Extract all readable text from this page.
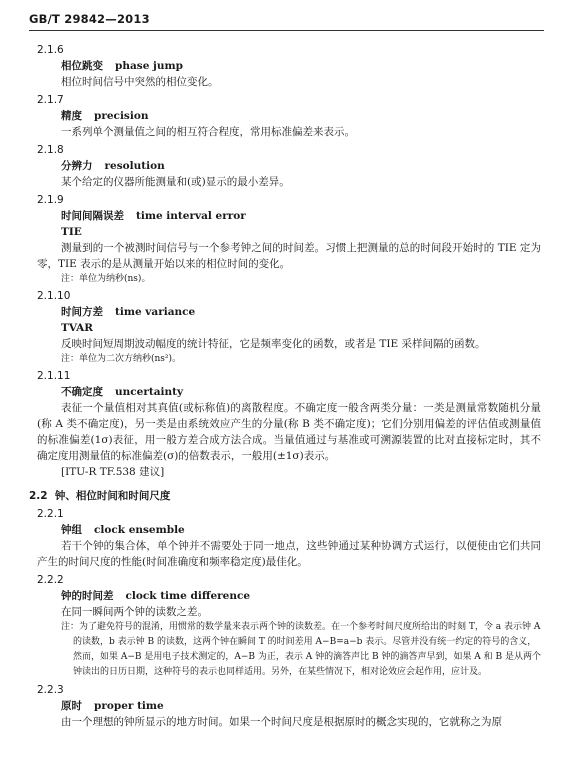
GB/T 29842—2013
2.1.6
相位跳变 phase jump
相位时间信号中突然的相位变化。
2.1.7
精度 precision
一系列单个测量值之间的相互符合程度，常用标准偏差来表示。
2.1.8
分辨力 resolution
某个给定的仪器所能测量和(或)显示的最小差异。
2.1.9
时间间隔误差 time interval error
TIE
测量到的一个被测时间信号与一个参考钟之间的时间差。习惯上把测量的总的时间段开始时的 TIE 定为零，TIE 表示的是从测量开始以来的相位时间的变化。
注：单位为纳秒(ns)。
2.1.10
时间方差 time variance
TVAR
反映时间短周期波动幅度的统计特征，它是频率变化的函数，或者是 TIE 采样间隔的函数。
注：单位为二次方纳秒(ns²)。
2.1.11
不确定度 uncertainty
表征一个量值相对其真值(或标称值)的离散程度。不确定度一般含两类分量：一类是测量常数随机分量(称 A 类不确定度)，另一类是由系统效应产生的分量(称 B 类不确定度)；它们分别用偏差的评估值或测量值的标准偏差(1σ)表征，用一般方差合成方法合成。当量值通过与基准或可溯源装置的比对直接标定时，其不确定度用测量值的标准偏差(σ)的倍数表示，一般用(±1σ)表示。
[ITU-R TF.538 建议]
2.2 钟、相位时间和时间尺度
2.2.1
钟组 clock ensemble
若干个钟的集合体，单个钟并不需要处于同一地点，这些钟通过某种协调方式运行，以便使由它们共同产生的时间尺度的性能(时间准确度和频率稳定度)最佳化。
2.2.2
钟的时间差 clock time difference
在同一瞬间两个钟的读数之差。
注：为了避免符号的混淆，用惯常的数学量来表示两个钟的读数差。在一个参考时间尺度所给出的时刻 T，令 a 表示钟 A 的读数，b 表示钟 B 的读数，这两个钟在瞬间 T 的时间差用 A−B=a−b 表示。尽管并没有统一约定的符号的含义，然而，如果 A−B 是用电子技术测定的，A−B 为正，表示 A 钟的滴答声比 B 钟的滴答声早到，如果 A 和 B 是从两个钟读出的日历日期，这种符号的表示也同样适用。另外，在某些情况下，相对论效应会起作用，应计及。
2.2.3
原时 proper time
由一个理想的钟所显示的地方时间。如果一个时间尺度是根据原时的概念实现的，它就称之为原
